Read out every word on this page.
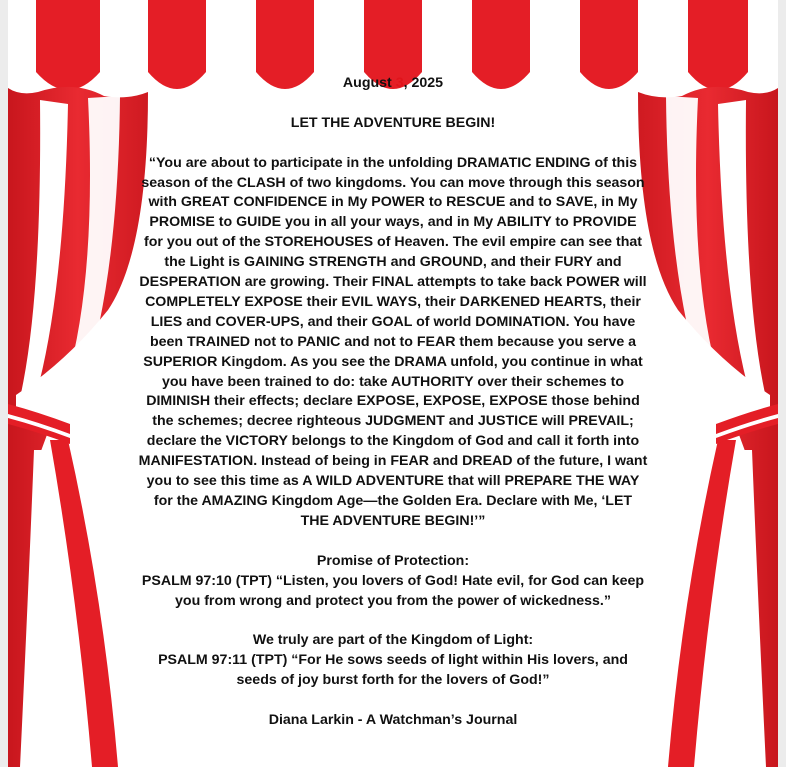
August 3, 2025

LET THE ADVENTURE BEGIN!

“You are about to participate in the unfolding DRAMATIC ENDING of this season of the CLASH of two kingdoms. You can move through this season with GREAT CONFIDENCE in My POWER to RESCUE and to SAVE, in My PROMISE to GUIDE you in all your ways, and in My ABILITY to PROVIDE for you out of the STOREHOUSES of Heaven. The evil empire can see that the Light is GAINING STRENGTH and GROUND, and their FURY and DESPERATION are growing. Their FINAL attempts to take back POWER will COMPLETELY EXPOSE their EVIL WAYS, their DARKENED HEARTS, their LIES and COVER-UPS, and their GOAL of world DOMINATION. You have been TRAINED not to PANIC and not to FEAR them because you serve a SUPERIOR Kingdom. As you see the DRAMA unfold, you continue in what you have been trained to do: take AUTHORITY over their schemes to DIMINISH their effects; declare EXPOSE, EXPOSE, EXPOSE those behind the schemes; decree righteous JUDGMENT and JUSTICE will PREVAIL; declare the VICTORY belongs to the Kingdom of God and call it forth into MANIFESTATION. Instead of being in FEAR and DREAD of the future, I want you to see this time as A WILD ADVENTURE that will PREPARE THE WAY for the AMAZING Kingdom Age—the Golden Era. Declare with Me, ‘LET THE ADVENTURE BEGIN!’”

Promise of Protection:
PSALM 97:10 (TPT) “Listen, you lovers of God! Hate evil, for God can keep you from wrong and protect you from the power of wickedness.”

We truly are part of the Kingdom of Light:
PSALM 97:11 (TPT) “For He sows seeds of light within His lovers, and seeds of joy burst forth for the lovers of God!”

Diana Larkin - A Watchman’s Journal
